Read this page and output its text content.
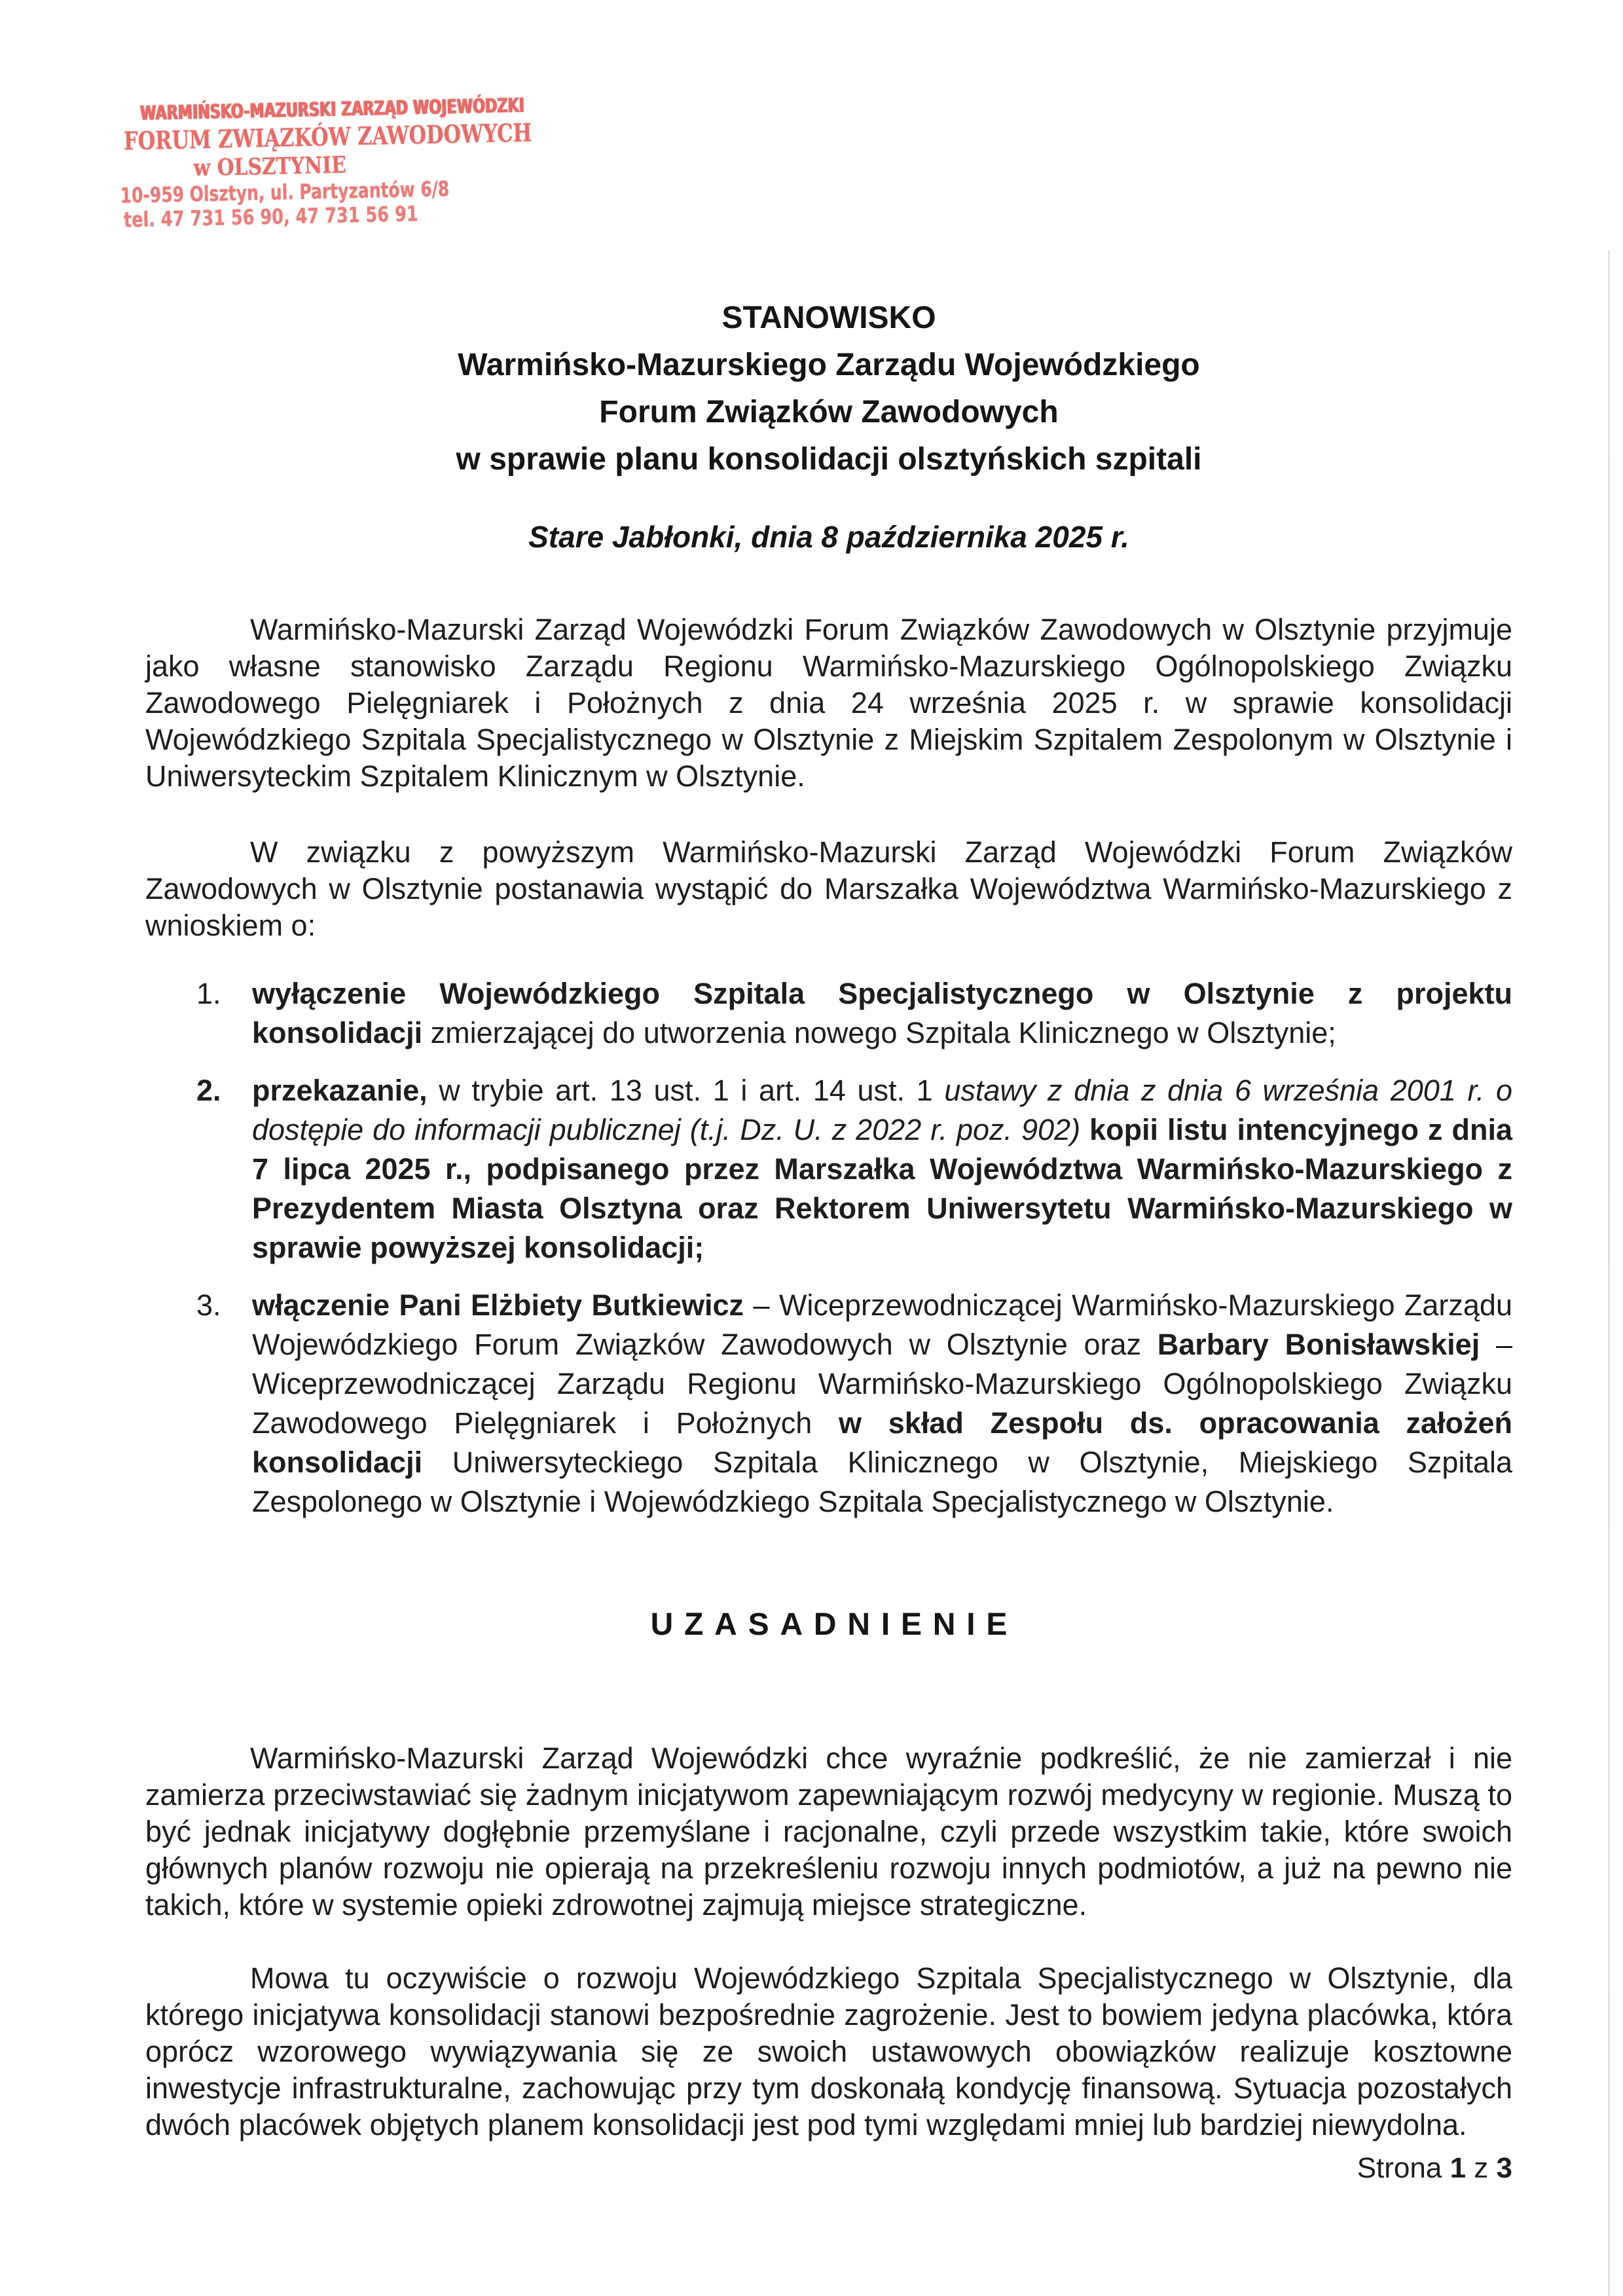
WARMIŃSKO-MAZURSKI ZARZĄD WOJEWÓDZKI
FORUM ZWIĄZKÓW ZAWODOWYCH
w OLSZTYNIE
10-959 Olsztyn, ul. Partyzantów 6/8
tel. 47 731 56 90, 47 731 56 91
STANOWISKO
Warmińsko-Mazurskiego Zarządu Wojewódzkiego
Forum Związków Zawodowych
w sprawie planu konsolidacji olsztyńskich szpitali
Stare Jabłonki, dnia 8 października 2025 r.

Warmińsko-Mazurski Zarząd Wojewódzki Forum Związków Zawodowych w Olsztynie przyjmuje jako własne stanowisko Zarządu Regionu Warmińsko-Mazurskiego Ogólnopolskiego Związku Zawodowego Pielęgniarek i Położnych z dnia 24 września 2025 r. w sprawie konsolidacji Wojewódzkiego Szpitala Specjalistycznego w Olsztynie z Miejskim Szpitalem Zespolonym w Olsztynie i Uniwersyteckim Szpitalem Klinicznym w Olsztynie.

W związku z powyższym Warmińsko-Mazurski Zarząd Wojewódzki Forum Związków Zawodowych w Olsztynie postanawia wystąpić do Marszałka Województwa Warmińsko-Mazurskiego z wnioskiem o:

1. wyłączenie Wojewódzkiego Szpitala Specjalistycznego w Olsztynie z projektu konsolidacji zmierzającej do utworzenia nowego Szpitala Klinicznego w Olsztynie;
2. przekazanie, w trybie art. 13 ust. 1 i art. 14 ust. 1 ustawy z dnia z dnia 6 września 2001 r. o dostępie do informacji publicznej (t.j. Dz. U. z 2022 r. poz. 902) kopii listu intencyjnego z dnia 7 lipca 2025 r., podpisanego przez Marszałka Województwa Warmińsko-Mazurskiego z Prezydentem Miasta Olsztyna oraz Rektorem Uniwersytetu Warmińsko-Mazurskiego w sprawie powyższej konsolidacji;
3. włączenie Pani Elżbiety Butkiewicz – Wiceprzewodniczącej Warmińsko-Mazurskiego Zarządu Wojewódzkiego Forum Związków Zawodowych w Olsztynie oraz Barbary Bonisławskiej – Wiceprzewodniczącej Zarządu Regionu Warmińsko-Mazurskiego Ogólnopolskiego Związku Zawodowego Pielęgniarek i Położnych w skład Zespołu ds. opracowania założeń konsolidacji Uniwersyteckiego Szpitala Klinicznego w Olsztynie, Miejskiego Szpitala Zespolonego w Olsztynie i Wojewódzkiego Szpitala Specjalistycznego w Olsztynie.
UZASADNIENIE

Warmińsko-Mazurski Zarząd Wojewódzki chce wyraźnie podkreślić, że nie zamierzał i nie zamierza przeciwstawiać się żadnym inicjatywom zapewniającym rozwój medycyny w regionie. Muszą to być jednak inicjatywy dogłębnie przemyślane i racjonalne, czyli przede wszystkim takie, które swoich głównych planów rozwoju nie opierają na przekreśleniu rozwoju innych podmiotów, a już na pewno nie takich, które w systemie opieki zdrowotnej zajmują miejsce strategiczne.

Mowa tu oczywiście o rozwoju Wojewódzkiego Szpitala Specjalistycznego w Olsztynie, dla którego inicjatywa konsolidacji stanowi bezpośrednie zagrożenie. Jest to bowiem jedyna placówka, która oprócz wzorowego wywiązywania się ze swoich ustawowych obowiązków realizuje kosztowne inwestycje infrastrukturalne, zachowując przy tym doskonałą kondycję finansową. Sytuacja pozostałych dwóch placówek objętych planem konsolidacji jest pod tymi względami mniej lub bardziej niewydolna.

Strona 1 z 3
